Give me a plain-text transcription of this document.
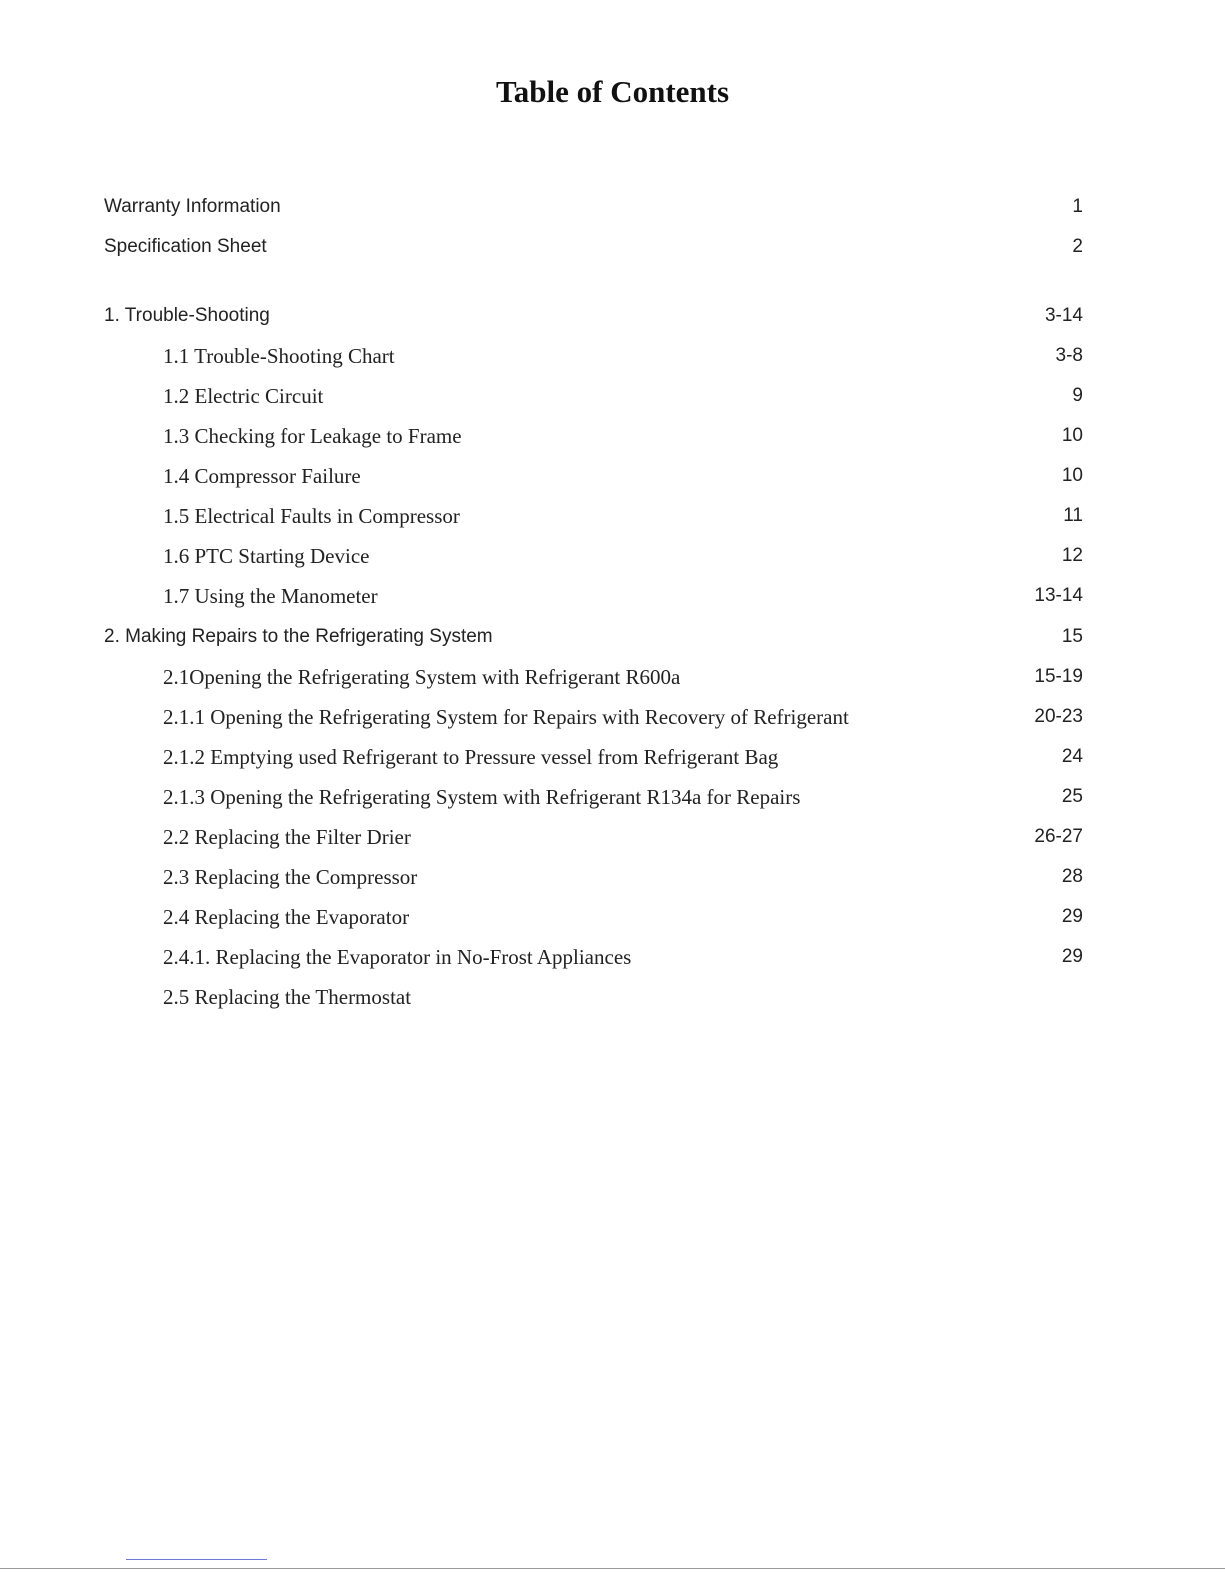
Table of Contents
Warranty Information	1
Specification Sheet	2
1. Trouble-Shooting	3-14
1.1 Trouble-Shooting Chart	3-8
1.2 Electric Circuit	9
1.3 Checking for Leakage to Frame	10
1.4 Compressor Failure	10
1.5 Electrical Faults in Compressor	11
1.6 PTC Starting Device	12
1.7 Using the Manometer	13-14
2. Making Repairs to the Refrigerating System	15
2.1Opening the Refrigerating System with Refrigerant R600a	15-19
2.1.1 Opening the Refrigerating System for Repairs with Recovery of Refrigerant	20-23
2.1.2 Emptying used Refrigerant to Pressure vessel from Refrigerant Bag	24
2.1.3 Opening the Refrigerating System with Refrigerant R134a for Repairs	25
2.2 Replacing the Filter Drier	26-27
2.3 Replacing the Compressor	28
2.4 Replacing the Evaporator	29
2.4.1. Replacing the Evaporator in No-Frost Appliances	29
2.5 Replacing the Thermostat
